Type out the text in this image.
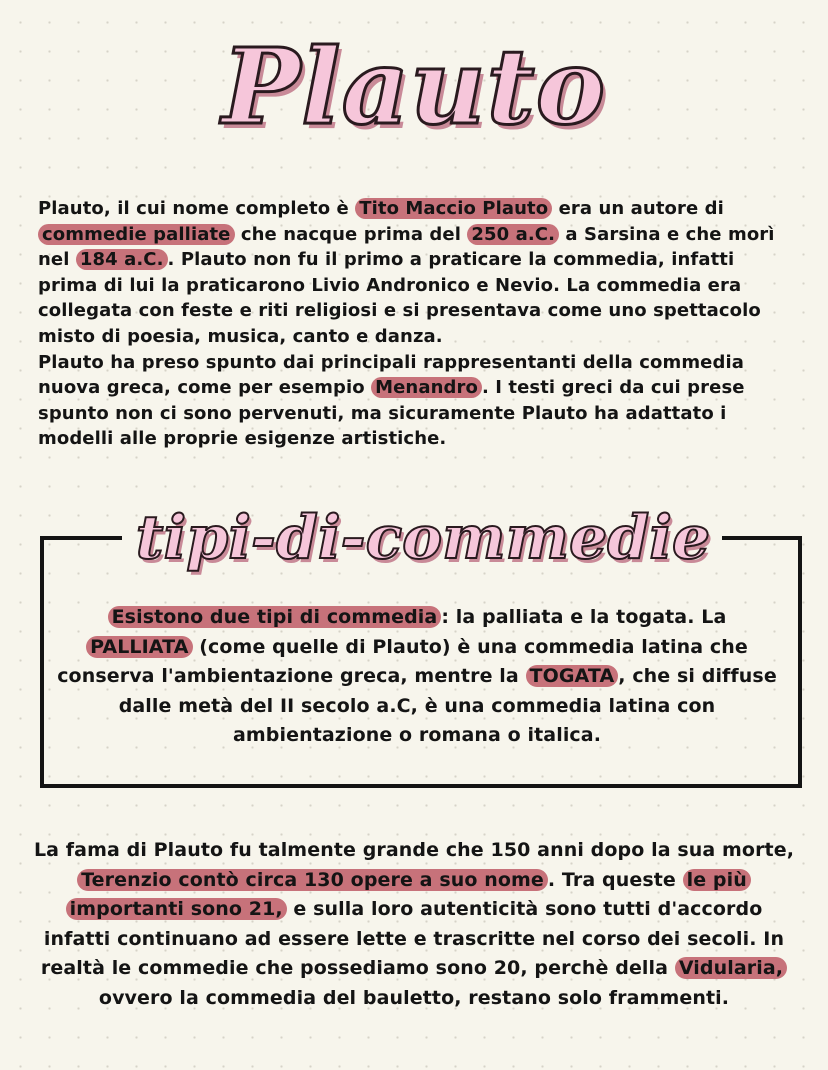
Plauto
Plauto, il cui nome completo è Tito Maccio Plauto era un autore di commedie palliate che nacque prima del 250 a.C. a Sarsina e che morì nel 184 a.C. . Plauto non fu il primo a praticare la commedia, infatti prima di lui la praticarono Livio Andronico e Nevio. La commedia era collegata con feste e riti religiosi e si presentava come uno spettacolo misto di poesia, musica, canto e danza.
Plauto ha preso spunto dai principali rappresentanti della commedia nuova greca, come per esempio Menandro . I testi greci da cui prese spunto non ci sono pervenuti, ma sicuramente Plauto ha adattato i modelli alle proprie esigenze artistiche.
tipi-di-commedie
Esistono due tipi di commedia : la palliata e la togata. La PALLIATA (come quelle di Plauto) è una commedia latina che conserva l'ambientazione greca, mentre la TOGATA , che si diffuse dalle metà del II secolo a.C, è una commedia latina con ambientazione o romana o italica.
La fama di Plauto fu talmente grande che 150 anni dopo la sua morte, Terenzio contò circa 130 opere a suo nome . Tra queste le più importanti sono 21, e sulla loro autenticità sono tutti d'accordo infatti continuano ad essere lette e trascritte nel corso dei secoli. In realtà le commedie che possediamo sono 20, perchè della Vidularia, ovvero la commedia del bauletto, restano solo frammenti.
